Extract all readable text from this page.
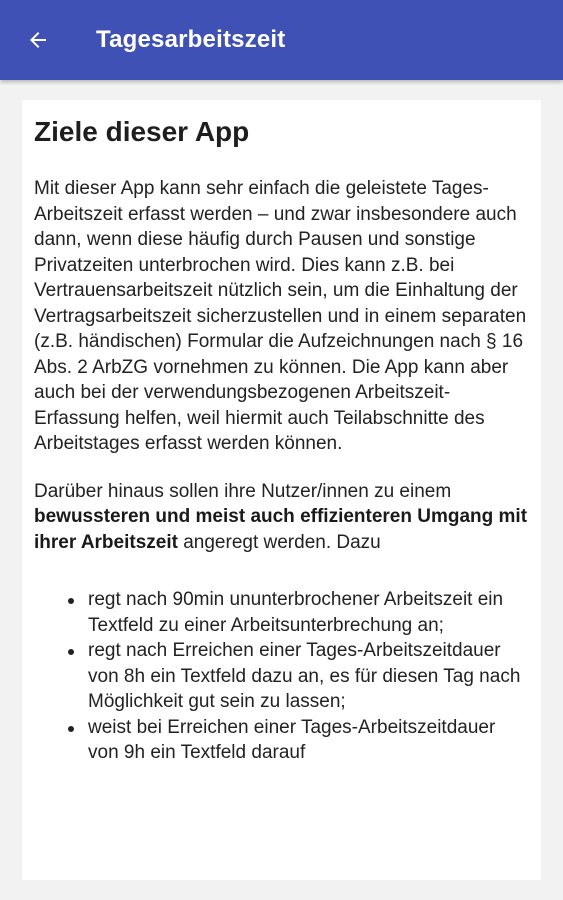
Tagesarbeitszeit
Ziele dieser App

Mit dieser App kann sehr einfach die geleistete Tages-Arbeitszeit erfasst werden – und zwar insbesondere auch dann, wenn diese häufig durch Pausen und sonstige Privatzeiten unterbrochen wird. Dies kann z.B. bei Vertrauensarbeitszeit nützlich sein, um die Einhaltung der Vertragsarbeitszeit sicherzustellen und in einem separaten (z.B. händischen) Formular die Aufzeichnungen nach § 16 Abs. 2 ArbZG vornehmen zu können. Die App kann aber auch bei der verwendungsbezogenen Arbeitszeit-Erfassung helfen, weil hiermit auch Teilabschnitte des Arbeitstages erfasst werden können.

Darüber hinaus sollen ihre Nutzer/innen zu einem bewussteren und meist auch effizienteren Umgang mit ihrer Arbeitszeit angeregt werden. Dazu

regt nach 90min ununterbrochener Arbeitszeit ein Textfeld zu einer Arbeitsunterbrechung an;
regt nach Erreichen einer Tages-Arbeitszeitdauer von 8h ein Textfeld dazu an, es für diesen Tag nach Möglichkeit gut sein zu lassen;
weist bei Erreichen einer Tages-Arbeitszeitdauer von 9h ein Textfeld darauf
